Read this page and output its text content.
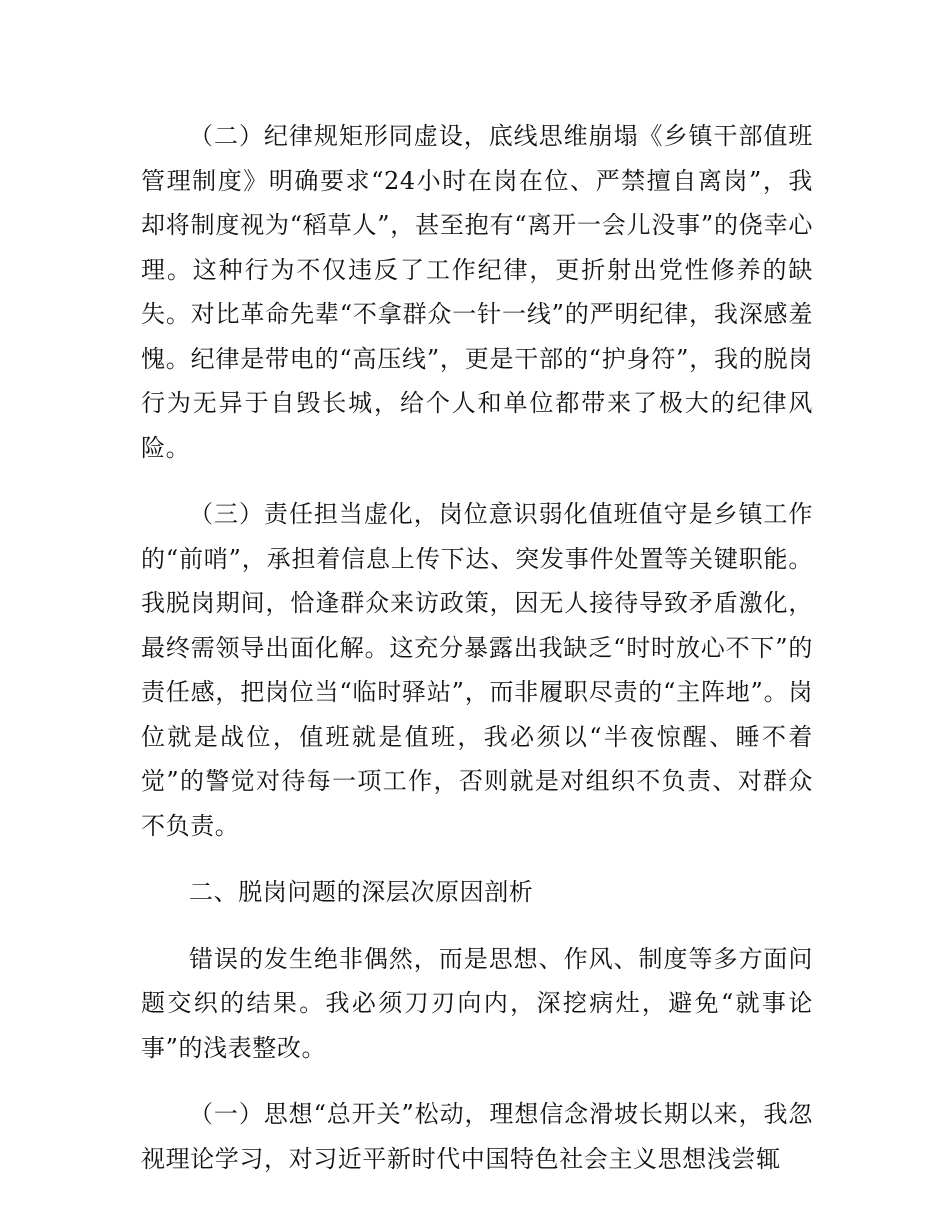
（二）纪律规矩形同虚设，底线思维崩塌《乡镇干部值班管理制度》明确要求“24小时在岗在位、严禁擅自离岗”，我却将制度视为“稻草人”，甚至抱有“离开一会儿没事”的侥幸心理。这种行为不仅违反了工作纪律，更折射出党性修养的缺失。对比革命先辈“不拿群众一针一线”的严明纪律，我深感羞愧。纪律是带电的“高压线”，更是干部的“护身符”，我的脱岗行为无异于自毁长城，给个人和单位都带来了极大的纪律风险。

（三）责任担当虚化，岗位意识弱化值班值守是乡镇工作的“前哨”，承担着信息上传下达、突发事件处置等关键职能。我脱岗期间，恰逢群众来访政策，因无人接待导致矛盾激化，最终需领导出面化解。这充分暴露出我缺乏“时时放心不下”的责任感，把岗位当“临时驿站”，而非履职尽责的“主阵地”。岗位就是战位，值班就是值班，我必须以“半夜惊醒、睡不着觉”的警觉对待每一项工作，否则就是对组织不负责、对群众不负责。

二、脱岗问题的深层次原因剖析

错误的发生绝非偶然，而是思想、作风、制度等多方面问题交织的结果。我必须刀刃向内，深挖病灶，避免“就事论事”的浅表整改。

（一）思想“总开关”松动，理想信念滑坡长期以来，我忽视理论学习，对习近平新时代中国特色社会主义思想浅尝辄
